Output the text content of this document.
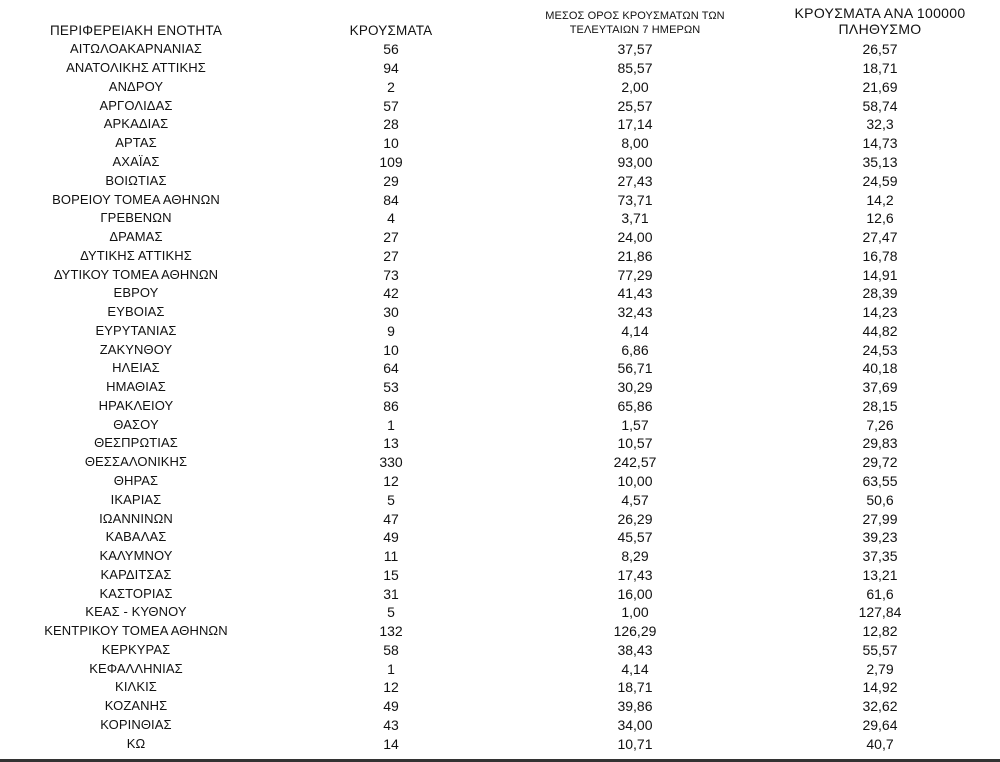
ΠΕΡΙΦΕΡΕΙΑΚΗ ΕΝΟΤΗΤΑ	ΚΡΟΥΣΜΑΤΑ	ΜΕΣΟΣ ΟΡΟΣ ΚΡΟΥΣΜΑΤΩΝ ΤΩΝ
ΤΕΛΕΥΤΑΙΩΝ 7 ΗΜΕΡΩΝ	ΚΡΟΥΣΜΑΤΑ ΑΝΑ 100000
ΠΛΗΘΥΣΜΟ
ΑΙΤΩΛΟΑΚΑΡΝΑΝΙΑΣ	56	37,57	26,57
ΑΝΑΤΟΛΙΚΗΣ ΑΤΤΙΚΗΣ	94	85,57	18,71
ΑΝΔΡΟΥ	2	2,00	21,69
ΑΡΓΟΛΙΔΑΣ	57	25,57	58,74
ΑΡΚΑΔΙΑΣ	28	17,14	32,3
ΑΡΤΑΣ	10	8,00	14,73
ΑΧΑΪΑΣ	109	93,00	35,13
ΒΟΙΩΤΙΑΣ	29	27,43	24,59
ΒΟΡΕΙΟΥ ΤΟΜΕΑ ΑΘΗΝΩΝ	84	73,71	14,2
ΓΡΕΒΕΝΩΝ	4	3,71	12,6
ΔΡΑΜΑΣ	27	24,00	27,47
ΔΥΤΙΚΗΣ ΑΤΤΙΚΗΣ	27	21,86	16,78
ΔΥΤΙΚΟΥ ΤΟΜΕΑ ΑΘΗΝΩΝ	73	77,29	14,91
ΕΒΡΟΥ	42	41,43	28,39
ΕΥΒΟΙΑΣ	30	32,43	14,23
ΕΥΡΥΤΑΝΙΑΣ	9	4,14	44,82
ΖΑΚΥΝΘΟΥ	10	6,86	24,53
ΗΛΕΙΑΣ	64	56,71	40,18
ΗΜΑΘΙΑΣ	53	30,29	37,69
ΗΡΑΚΛΕΙΟΥ	86	65,86	28,15
ΘΑΣΟΥ	1	1,57	7,26
ΘΕΣΠΡΩΤΙΑΣ	13	10,57	29,83
ΘΕΣΣΑΛΟΝΙΚΗΣ	330	242,57	29,72
ΘΗΡΑΣ	12	10,00	63,55
ΙΚΑΡΙΑΣ	5	4,57	50,6
ΙΩΑΝΝΙΝΩΝ	47	26,29	27,99
ΚΑΒΑΛΑΣ	49	45,57	39,23
ΚΑΛΥΜΝΟΥ	11	8,29	37,35
ΚΑΡΔΙΤΣΑΣ	15	17,43	13,21
ΚΑΣΤΟΡΙΑΣ	31	16,00	61,6
ΚΕΑΣ - ΚΥΘΝΟΥ	5	1,00	127,84
ΚΕΝΤΡΙΚΟΥ ΤΟΜΕΑ ΑΘΗΝΩΝ	132	126,29	12,82
ΚΕΡΚΥΡΑΣ	58	38,43	55,57
ΚΕΦΑΛΛΗΝΙΑΣ	1	4,14	2,79
ΚΙΛΚΙΣ	12	18,71	14,92
ΚΟΖΑΝΗΣ	49	39,86	32,62
ΚΟΡΙΝΘΙΑΣ	43	34,00	29,64
ΚΩ	14	10,71	40,7
